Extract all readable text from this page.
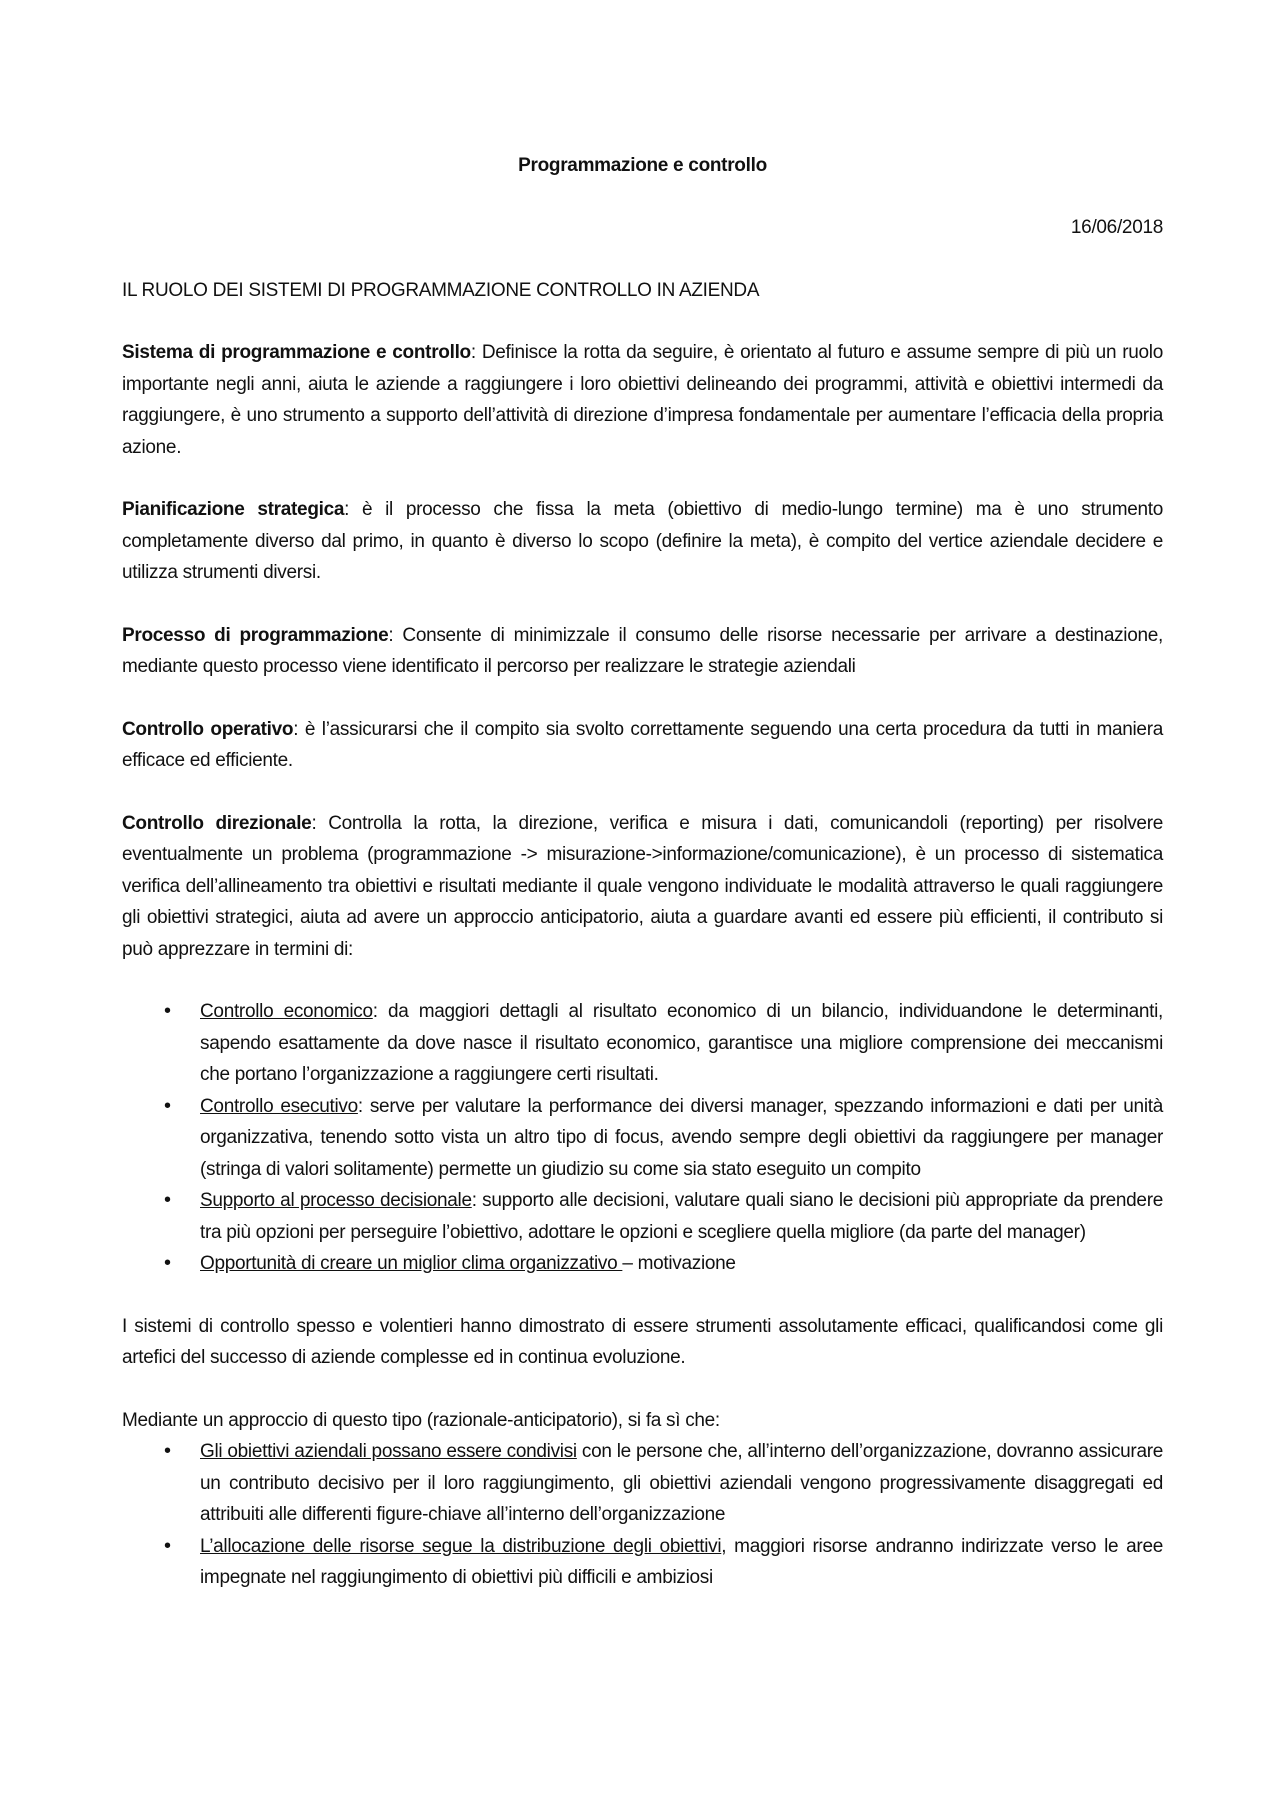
Programmazione e controllo

16/06/2018

IL RUOLO DEI SISTEMI DI PROGRAMMAZIONE CONTROLLO IN AZIENDA

Sistema di programmazione e controllo: Definisce la rotta da seguire, è orientato al futuro e assume sempre di più un ruolo importante negli anni, aiuta le aziende a raggiungere i loro obiettivi delineando dei programmi, attività e obiettivi intermedi da raggiungere, è uno strumento a supporto dell’attività di direzione d’impresa fondamentale per aumentare l’efficacia della propria azione.

Pianificazione strategica: è il processo che fissa la meta (obiettivo di medio-lungo termine) ma è uno strumento completamente diverso dal primo, in quanto è diverso lo scopo (definire la meta), è compito del vertice aziendale decidere e utilizza strumenti diversi.

Processo di programmazione: Consente di minimizzale il consumo delle risorse necessarie per arrivare a destinazione, mediante questo processo viene identificato il percorso per realizzare le strategie aziendali

Controllo operativo: è l’assicurarsi che il compito sia svolto correttamente seguendo una certa procedura da tutti in maniera efficace ed efficiente.

Controllo direzionale: Controlla la rotta, la direzione, verifica e misura i dati, comunicandoli (reporting) per risolvere eventualmente un problema (programmazione -> misurazione->informazione/comunicazione), è un processo di sistematica verifica dell’allineamento tra obiettivi e risultati mediante il quale vengono individuate le modalità attraverso le quali raggiungere gli obiettivi strategici, aiuta ad avere un approccio anticipatorio, aiuta a guardare avanti ed essere più efficienti, il contributo si può apprezzare in termini di:

• Controllo economico: da maggiori dettagli al risultato economico di un bilancio, individuandone le determinanti, sapendo esattamente da dove nasce il risultato economico, garantisce una migliore comprensione dei meccanismi che portano l’organizzazione a raggiungere certi risultati.
• Controllo esecutivo: serve per valutare la performance dei diversi manager, spezzando informazioni e dati per unità organizzativa, tenendo sotto vista un altro tipo di focus, avendo sempre degli obiettivi da raggiungere per manager (stringa di valori solitamente) permette un giudizio su come sia stato eseguito un compito
• Supporto al processo decisionale: supporto alle decisioni, valutare quali siano le decisioni più appropriate da prendere tra più opzioni per perseguire l’obiettivo, adottare le opzioni e scegliere quella migliore (da parte del manager)
• Opportunità di creare un miglior clima organizzativo – motivazione

I sistemi di controllo spesso e volentieri hanno dimostrato di essere strumenti assolutamente efficaci, qualificandosi come gli artefici del successo di aziende complesse ed in continua evoluzione.

Mediante un approccio di questo tipo (razionale-anticipatorio), si fa sì che:

• Gli obiettivi aziendali possano essere condivisi con le persone che, all’interno dell’organizzazione, dovranno assicurare un contributo decisivo per il loro raggiungimento, gli obiettivi aziendali vengono progressivamente disaggregati ed attribuiti alle differenti figure-chiave all’interno dell’organizzazione
• L’allocazione delle risorse segue la distribuzione degli obiettivi, maggiori risorse andranno indirizzate verso le aree impegnate nel raggiungimento di obiettivi più difficili e ambiziosi
